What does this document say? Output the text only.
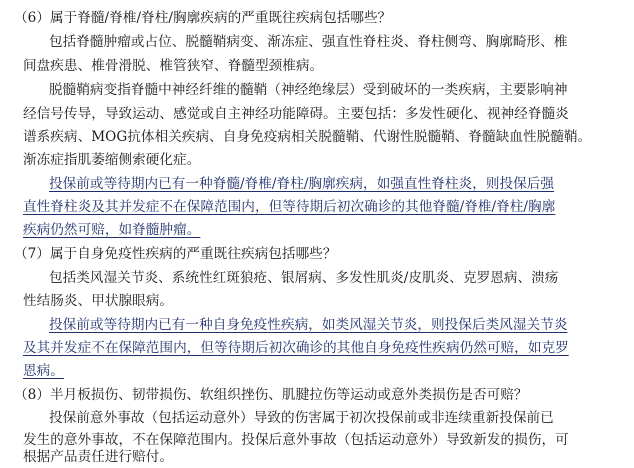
（6）属于脊髓/脊椎/脊柱/胸廓疾病的严重既往疾病包括哪些？
包括脊髓肿瘤或占位、脱髓鞘病变、渐冻症、强直性脊柱炎、脊柱侧弯、胸廓畸形、椎
间盘疾患、椎骨滑脱、椎管狭窄、脊髓型颈椎病。
脱髓鞘病变指脊髓中神经纤维的髓鞘（神经绝缘层）受到破坏的一类疾病，主要影响神
经信号传导，导致运动、感觉或自主神经功能障碍。主要包括：多发性硬化、视神经脊髓炎
谱系疾病、MOG抗体相关疾病、自身免疫病相关脱髓鞘、代谢性脱髓鞘、脊髓缺血性脱髓鞘。
渐冻症指肌萎缩侧索硬化症。
投保前或等待期内已有一种脊髓/脊椎/脊柱/胸廓疾病，如强直性脊柱炎，则投保后强
直性脊柱炎及其并发症不在保障范围内，但等待期后初次确诊的其他脊髓/脊椎/脊柱/胸廓
疾病仍然可赔，如脊髓肿瘤。
（7）属于自身免疫性疾病的严重既往疾病包括哪些？
包括类风湿关节炎、系统性红斑狼疮、银屑病、多发性肌炎/皮肌炎、克罗恩病、溃疡
性结肠炎、甲状腺眼病。
投保前或等待期内已有一种自身免疫性疾病，如类风湿关节炎，则投保后类风湿关节炎
及其并发症不在保障范围内，但等待期后初次确诊的其他自身免疫性疾病仍然可赔，如克罗
恩病。
（8）半月板损伤、韧带损伤、软组织挫伤、肌腱拉伤等运动或意外类损伤是否可赔？
投保前意外事故（包括运动意外）导致的伤害属于初次投保前或非连续重新投保前已
发生的意外事故，不在保障范围内。投保后意外事故（包括运动意外）导致新发的损伤，可
根据产品责任进行赔付。
